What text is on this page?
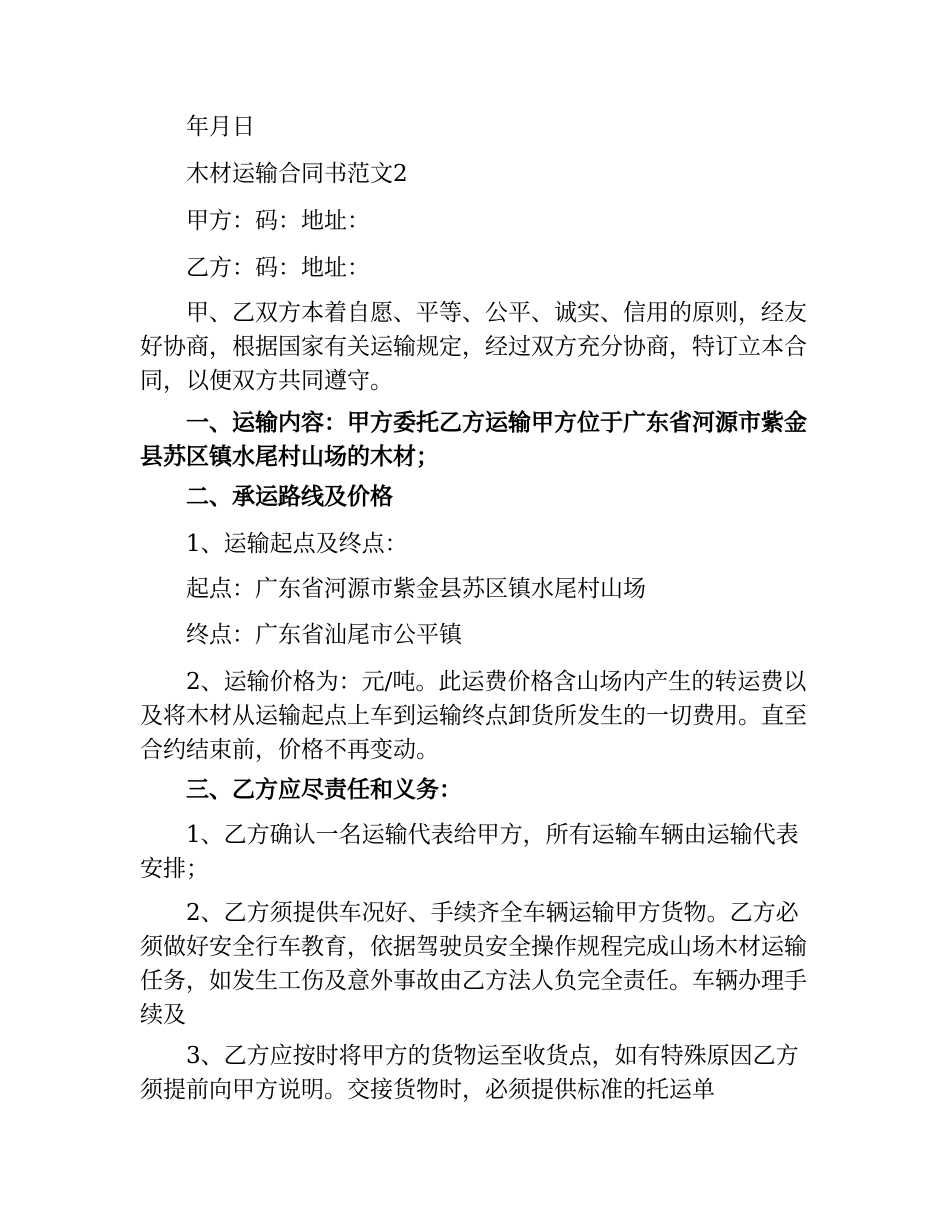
年月日

木材运输合同书范文2

甲方：码：地址：

乙方：码：地址：

甲、乙双方本着自愿、平等、公平、诚实、信用的原则，经友好协商，根据国家有关运输规定，经过双方充分协商，特订立本合同，以便双方共同遵守。

一、运输内容：甲方委托乙方运输甲方位于广东省河源市紫金县苏区镇水尾村山场的木材；

二、承运路线及价格

1、运输起点及终点：

起点：广东省河源市紫金县苏区镇水尾村山场

终点：广东省汕尾市公平镇

2、运输价格为：元/吨。此运费价格含山场内产生的转运费以及将木材从运输起点上车到运输终点卸货所发生的一切费用。直至合约结束前，价格不再变动。

三、乙方应尽责任和义务：

1、乙方确认一名运输代表给甲方，所有运输车辆由运输代表安排；

2、乙方须提供车况好、手续齐全车辆运输甲方货物。乙方必须做好安全行车教育，依据驾驶员安全操作规程完成山场木材运输任务，如发生工伤及意外事故由乙方法人负完全责任。车辆办理手续及

3、乙方应按时将甲方的货物运至收货点，如有特殊原因乙方须提前向甲方说明。交接货物时，必须提供标准的托运单
